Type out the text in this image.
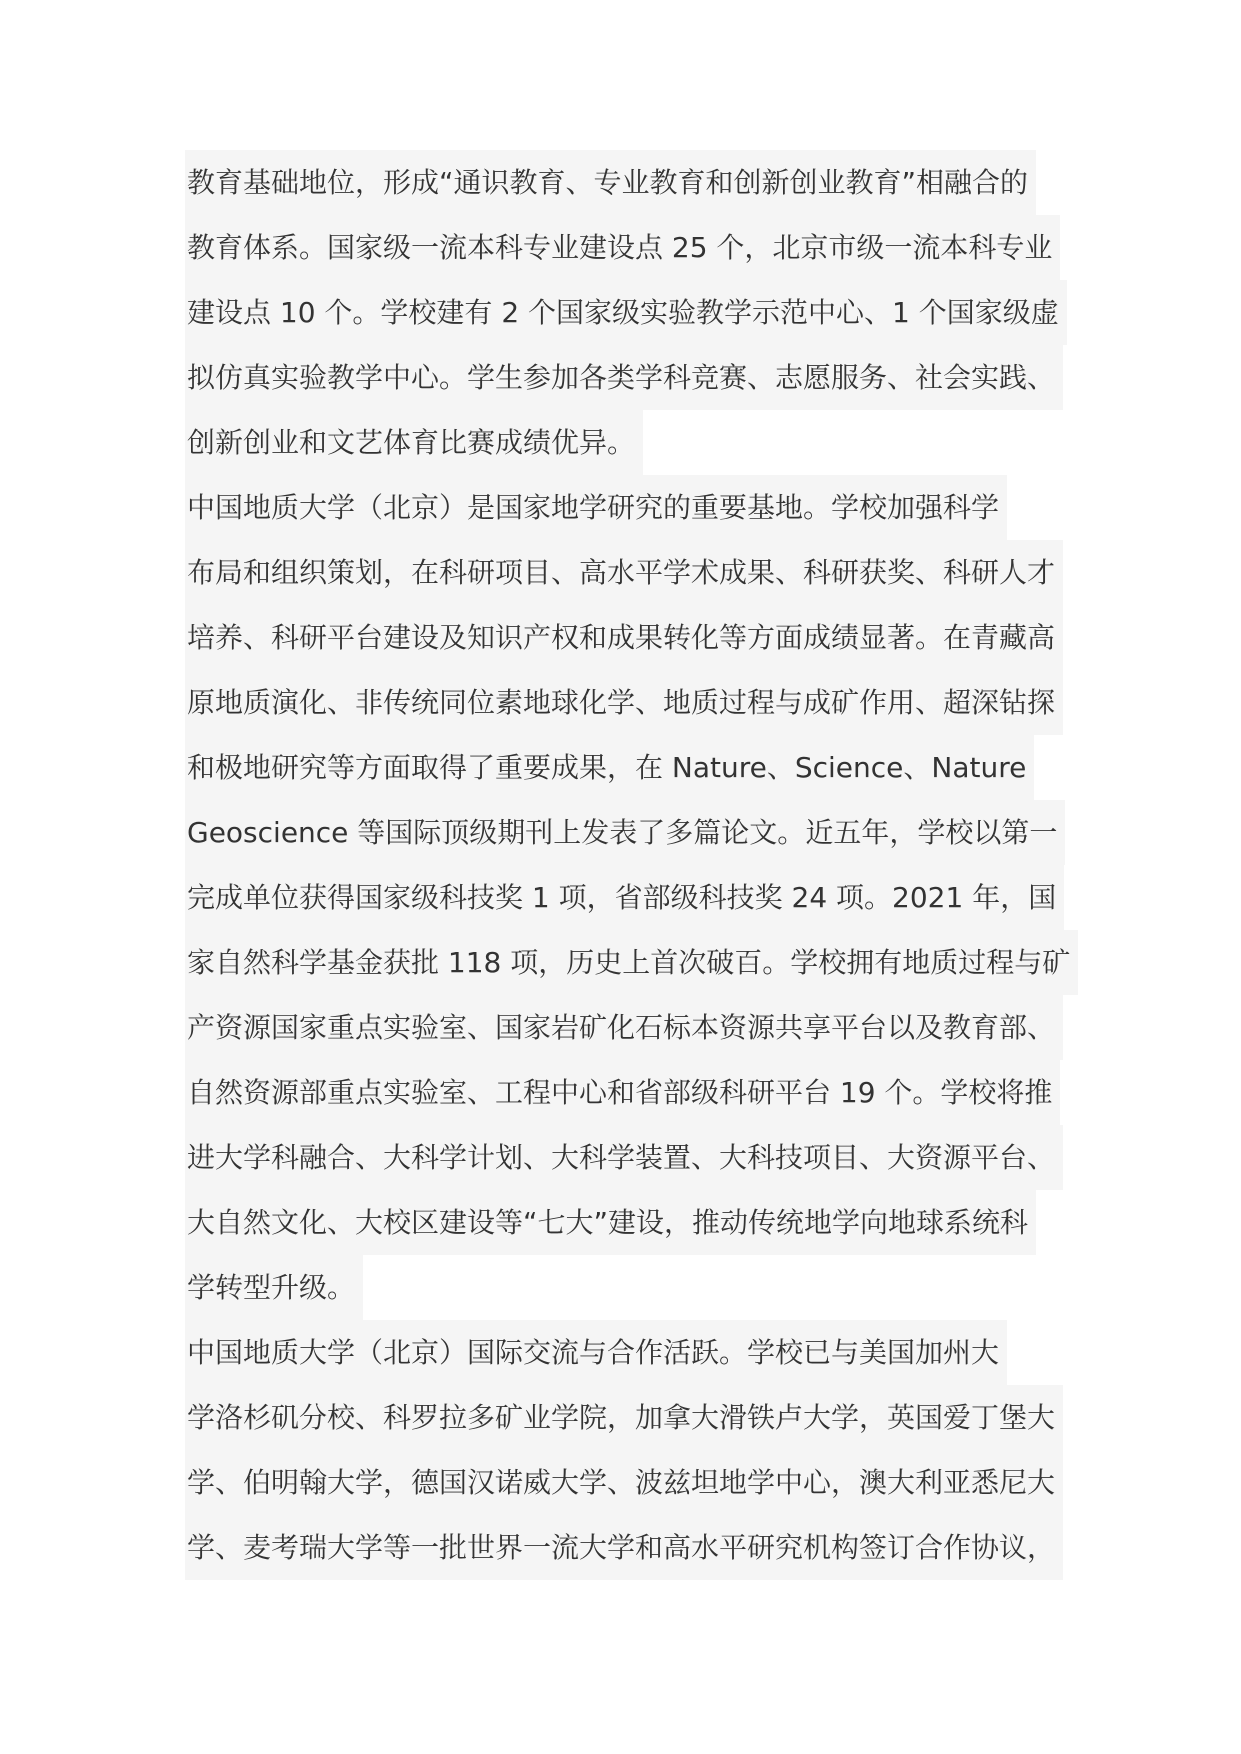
教育基础地位，形成“通识教育、专业教育和创新创业教育”相融合的
教育体系。国家级一流本科专业建设点 25 个，北京市级一流本科专业
建设点 10 个。学校建有 2 个国家级实验教学示范中心、1 个国家级虚
拟仿真实验教学中心。学生参加各类学科竞赛、志愿服务、社会实践、
创新创业和文艺体育比赛成绩优异。
中国地质大学（北京）是国家地学研究的重要基地。学校加强科学
布局和组织策划，在科研项目、高水平学术成果、科研获奖、科研人才
培养、科研平台建设及知识产权和成果转化等方面成绩显著。在青藏高
原地质演化、非传统同位素地球化学、地质过程与成矿作用、超深钻探
和极地研究等方面取得了重要成果，在 Nature、Science、Nature
Geoscience 等国际顶级期刊上发表了多篇论文。近五年，学校以第一
完成单位获得国家级科技奖 1 项，省部级科技奖 24 项。2021 年，国
家自然科学基金获批 118 项，历史上首次破百。学校拥有地质过程与矿
产资源国家重点实验室、国家岩矿化石标本资源共享平台以及教育部、
自然资源部重点实验室、工程中心和省部级科研平台 19 个。学校将推
进大学科融合、大科学计划、大科学装置、大科技项目、大资源平台、
大自然文化、大校区建设等“七大”建设，推动传统地学向地球系统科
学转型升级。
中国地质大学（北京）国际交流与合作活跃。学校已与美国加州大
学洛杉矶分校、科罗拉多矿业学院，加拿大滑铁卢大学，英国爱丁堡大
学、伯明翰大学，德国汉诺威大学、波兹坦地学中心，澳大利亚悉尼大
学、麦考瑞大学等一批世界一流大学和高水平研究机构签订合作协议，
